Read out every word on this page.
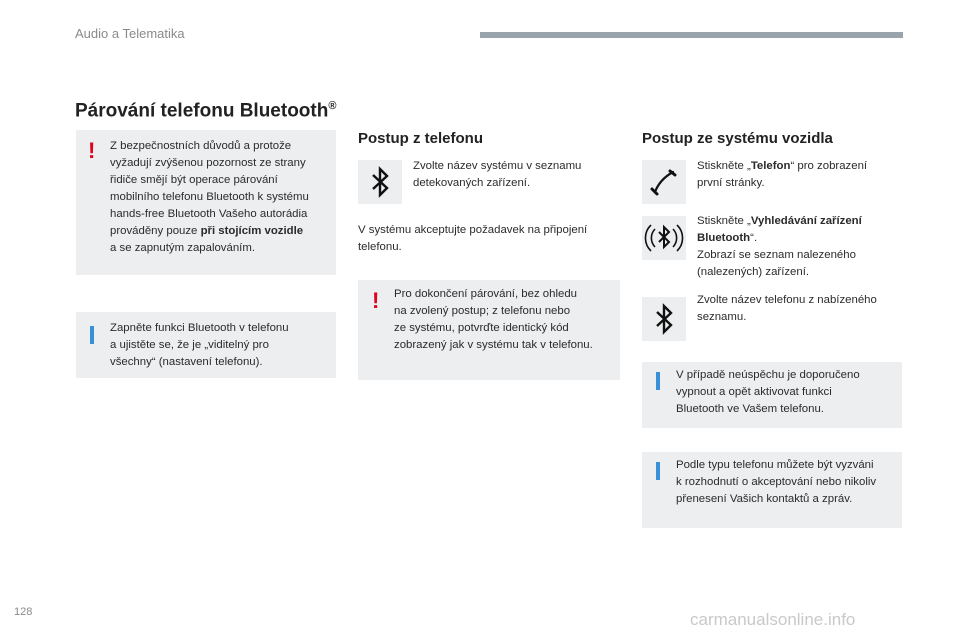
Audio a Telematika
Párování telefonu Bluetooth®
! Z bezpečnostních důvodů a protože
vyžadují zvýšenou pozornost ze strany
řidiče smějí být operace párování
mobilního telefonu Bluetooth k systému
hands-free Bluetooth Vašeho autorádia
prováděny pouze při stojícím vozidle
a se zapnutým zapalováním.
Zapněte funkci Bluetooth v telefonu
a ujistěte se, že je „viditelný pro
všechny“ (nastavení telefonu).
Postup z telefonu
Zvolte název systému v seznamu
detekovaných zařízení.
V systému akceptujte požadavek na připojení
telefonu.
! Pro dokončení párování, bez ohledu
na zvolený postup; z telefonu nebo
ze systému, potvrďte identický kód
zobrazený jak v systému tak v telefonu.
Postup ze systému vozidla
Stiskněte „Telefon“ pro zobrazení
první stránky.
Stiskněte „Vyhledávání zařízení
Bluetooth“.
Zobrazí se seznam nalezeného
(nalezených) zařízení.
Zvolte název telefonu z nabízeného
seznamu.
V případě neúspěchu je doporučeno
vypnout a opět aktivovat funkci
Bluetooth ve Vašem telefonu.
Podle typu telefonu můžete být vyzváni
k rozhodnutí o akceptování nebo nikoliv
přenesení Vašich kontaktů a zpráv.
128	carmanualsonline.info
